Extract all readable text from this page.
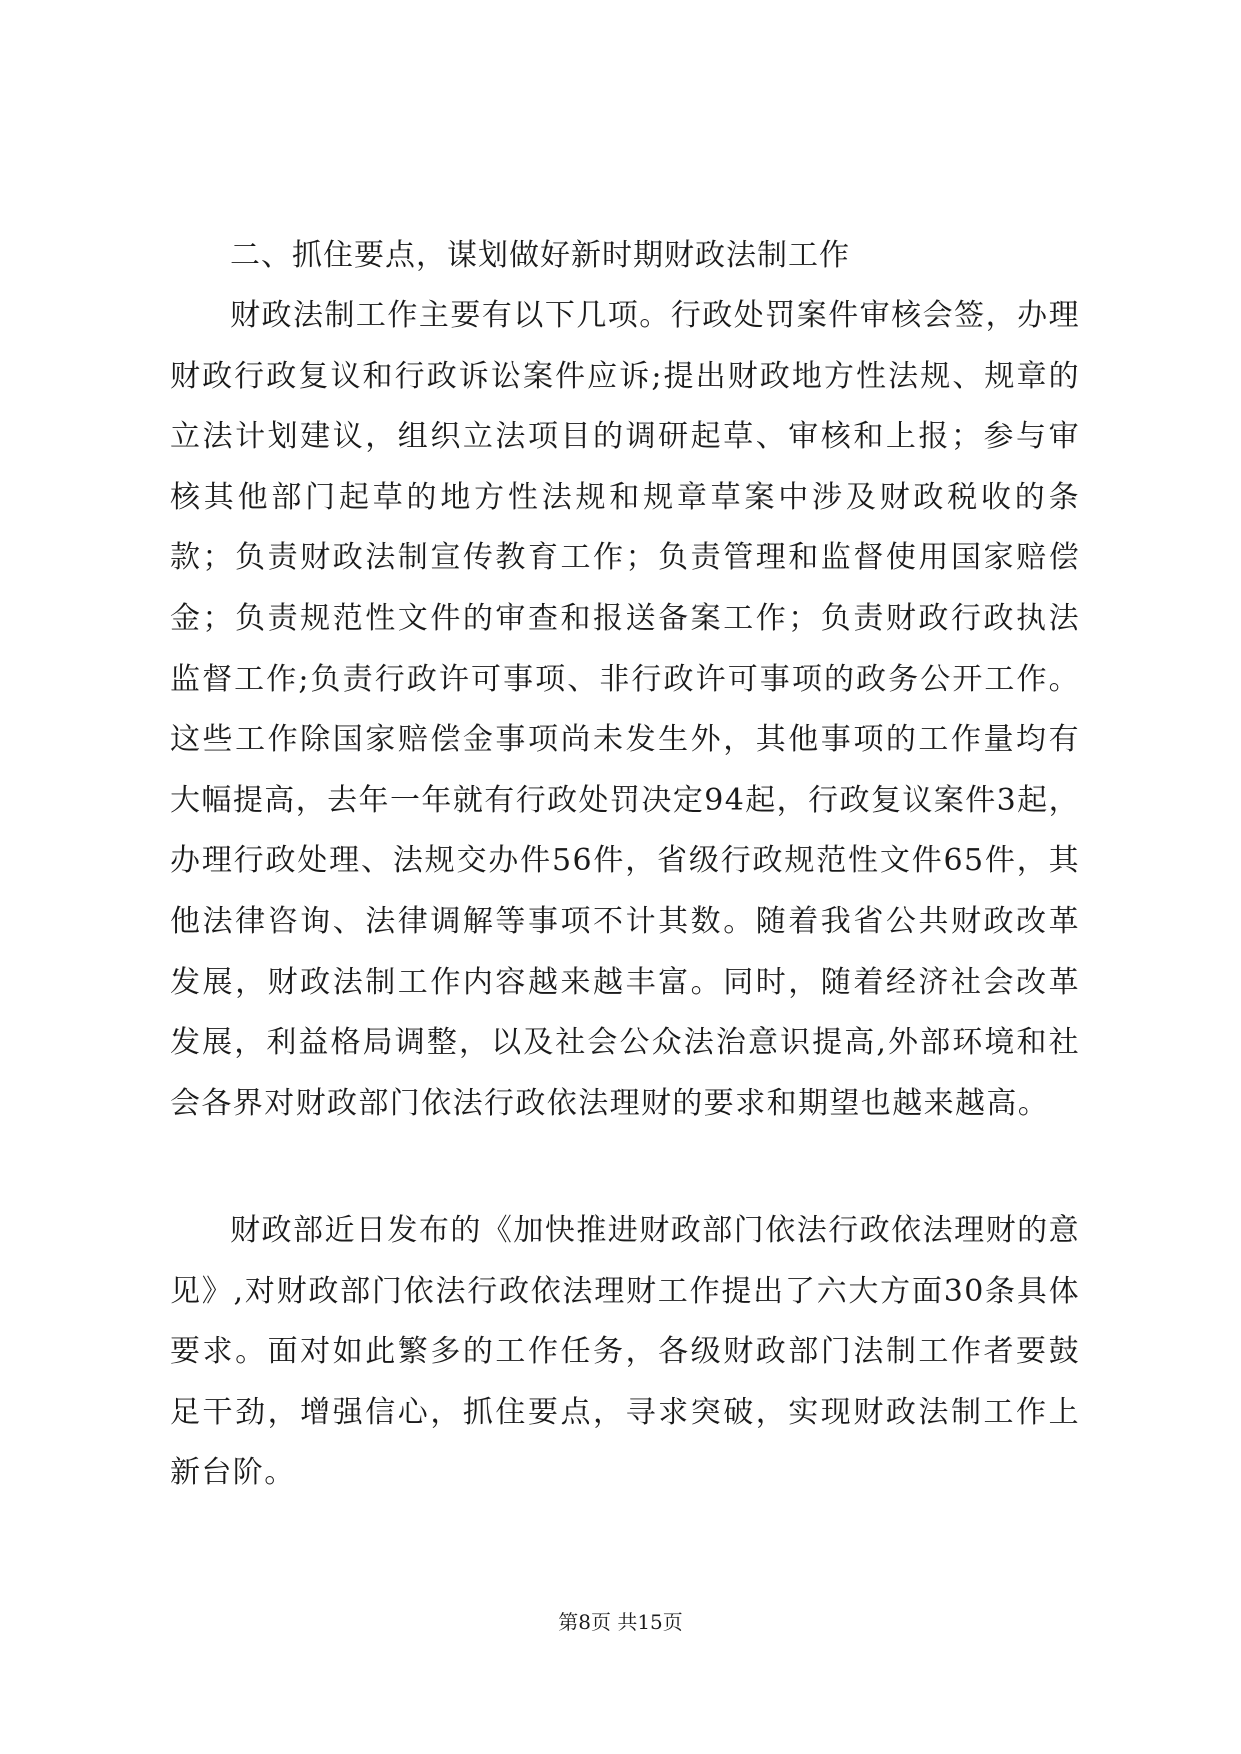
二、抓住要点，谋划做好新时期财政法制工作

财政法制工作主要有以下几项。行政处罚案件审核会签，办理财政行政复议和行政诉讼案件应诉;提出财政地方性法规、规章的立法计划建议，组织立法项目的调研起草、审核和上报；参与审核其他部门起草的地方性法规和规章草案中涉及财政税收的条款；负责财政法制宣传教育工作；负责管理和监督使用国家赔偿金；负责规范性文件的审查和报送备案工作；负责财政行政执法监督工作;负责行政许可事项、非行政许可事项的政务公开工作。这些工作除国家赔偿金事项尚未发生外，其他事项的工作量均有大幅提高，去年一年就有行政处罚决定94起，行政复议案件3起，办理行政处理、法规交办件56件，省级行政规范性文件65件，其他法律咨询、法律调解等事项不计其数。随着我省公共财政改革发展，财政法制工作内容越来越丰富。同时，随着经济社会改革发展，利益格局调整，以及社会公众法治意识提高,外部环境和社会各界对财政部门依法行政依法理财的要求和期望也越来越高。

财政部近日发布的《加快推进财政部门依法行政依法理财的意见》,对财政部门依法行政依法理财工作提出了六大方面30条具体要求。面对如此繁多的工作任务，各级财政部门法制工作者要鼓足干劲，增强信心，抓住要点，寻求突破，实现财政法制工作上新台阶。

第8页 共15页
